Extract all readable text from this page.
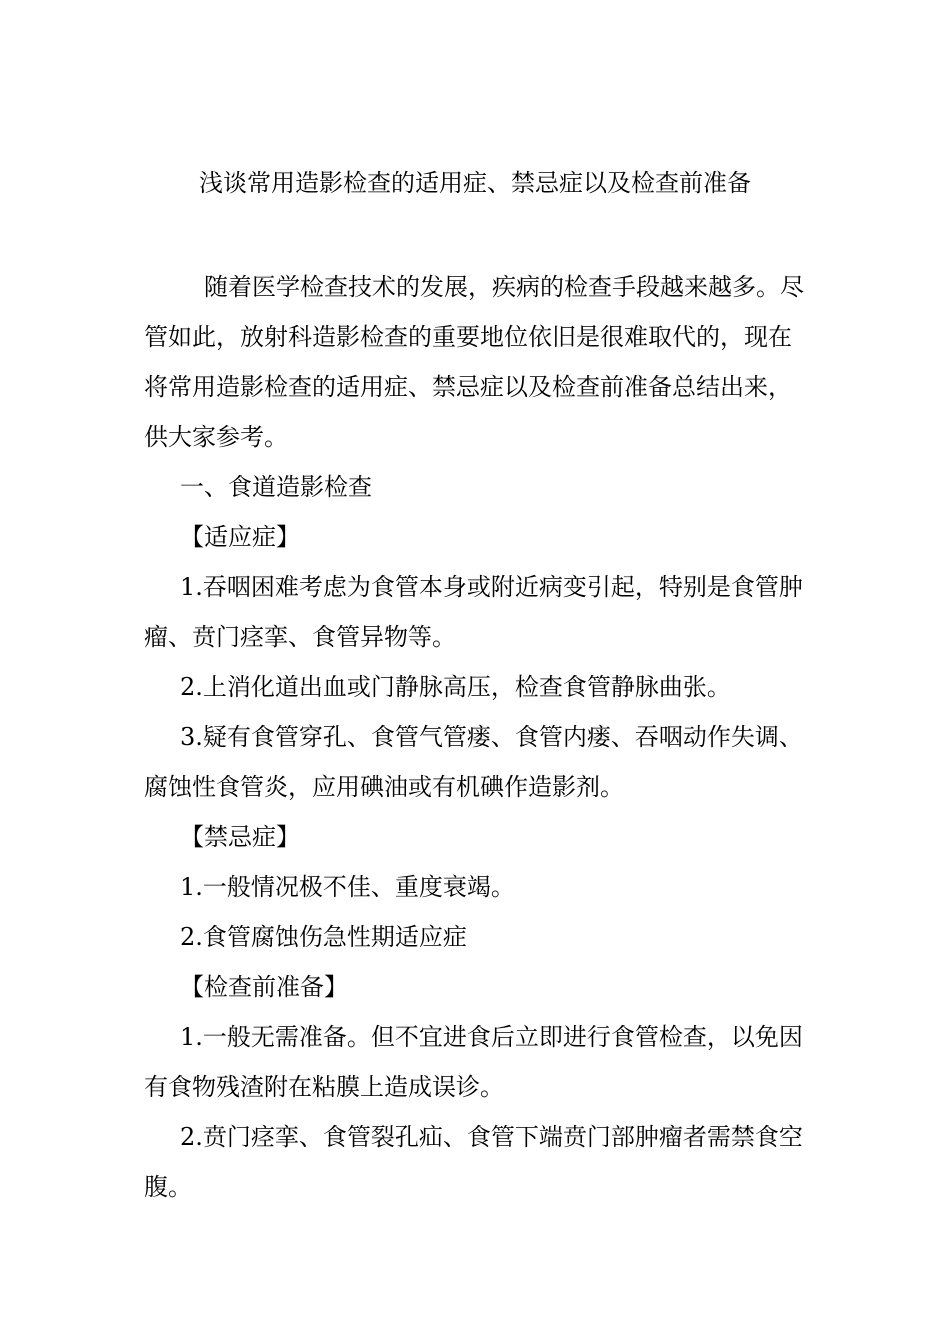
浅谈常用造影检查的适用症、禁忌症以及检查前准备

随着医学检查技术的发展，疾病的检查手段越来越多。尽管如此，放射科造影检查的重要地位依旧是很难取代的，现在将常用造影检查的适用症、禁忌症以及检查前准备总结出来，供大家参考。

一、食道造影检查

【适应症】

1.吞咽困难考虑为食管本身或附近病变引起，特别是食管肿瘤、贲门痉挛、食管异物等。

2.上消化道出血或门静脉高压，检查食管静脉曲张。

3.疑有食管穿孔、食管气管瘘、食管内瘘、吞咽动作失调、腐蚀性食管炎，应用碘油或有机碘作造影剂。

【禁忌症】

1.一般情况极不佳、重度衰竭。

2.食管腐蚀伤急性期适应症

【检查前准备】

1.一般无需准备。但不宜进食后立即进行食管检查，以免因有食物残渣附在粘膜上造成误诊。

2.贲门痉挛、食管裂孔疝、食管下端贲门部肿瘤者需禁食空腹。
